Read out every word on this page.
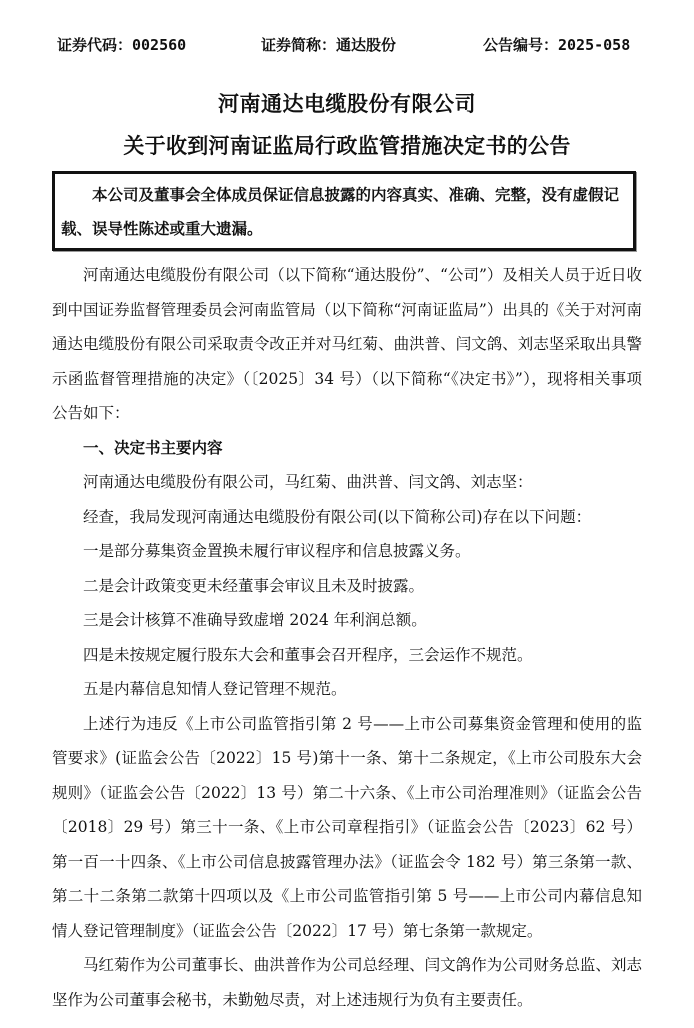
证券代码：002560	证券简称：通达股份	公告编号：2025-058
河南通达电缆股份有限公司
关于收到河南证监局行政监管措施决定书的公告

本公司及董事会全体成员保证信息披露的内容真实、准确、完整，没有虚假记载、误导性陈述或重大遗漏。

河南通达电缆股份有限公司（以下简称“通达股份”、“公司”）及相关人员于近日收到中国证券监督管理委员会河南监管局（以下简称“河南证监局”）出具的《关于对河南通达电缆股份有限公司采取责令改正并对马红菊、曲洪普、闫文鸽、刘志坚采取出具警示函监督管理措施的决定》（〔2025〕34 号）（以下简称“《决定书》”），现将相关事项公告如下：

一、决定书主要内容

河南通达电缆股份有限公司，马红菊、曲洪普、闫文鸽、刘志坚：

经查，我局发现河南通达电缆股份有限公司(以下简称公司)存在以下问题：

一是部分募集资金置换未履行审议程序和信息披露义务。

二是会计政策变更未经董事会审议且未及时披露。

三是会计核算不准确导致虚增 2024 年利润总额。

四是未按规定履行股东大会和董事会召开程序，三会运作不规范。

五是内幕信息知情人登记管理不规范。

上述行为违反《上市公司监管指引第 2 号——上市公司募集资金管理和使用的监管要求》(证监会公告〔2022〕15 号)第十一条、第十二条规定，《上市公司股东大会规则》（证监会公告〔2022〕13 号）第二十六条、《上市公司治理准则》（证监会公告〔2018〕29 号）第三十一条、《上市公司章程指引》（证监会公告〔2023〕62 号）第一百一十四条、《上市公司信息披露管理办法》（证监会令 182 号）第三条第一款、第二十二条第二款第十四项以及《上市公司监管指引第 5 号——上市公司内幕信息知情人登记管理制度》（证监会公告〔2022〕17 号）第七条第一款规定。

马红菊作为公司董事长、曲洪普作为公司总经理、闫文鸽作为公司财务总监、刘志坚作为公司董事会秘书，未勤勉尽责，对上述违规行为负有主要责任。
